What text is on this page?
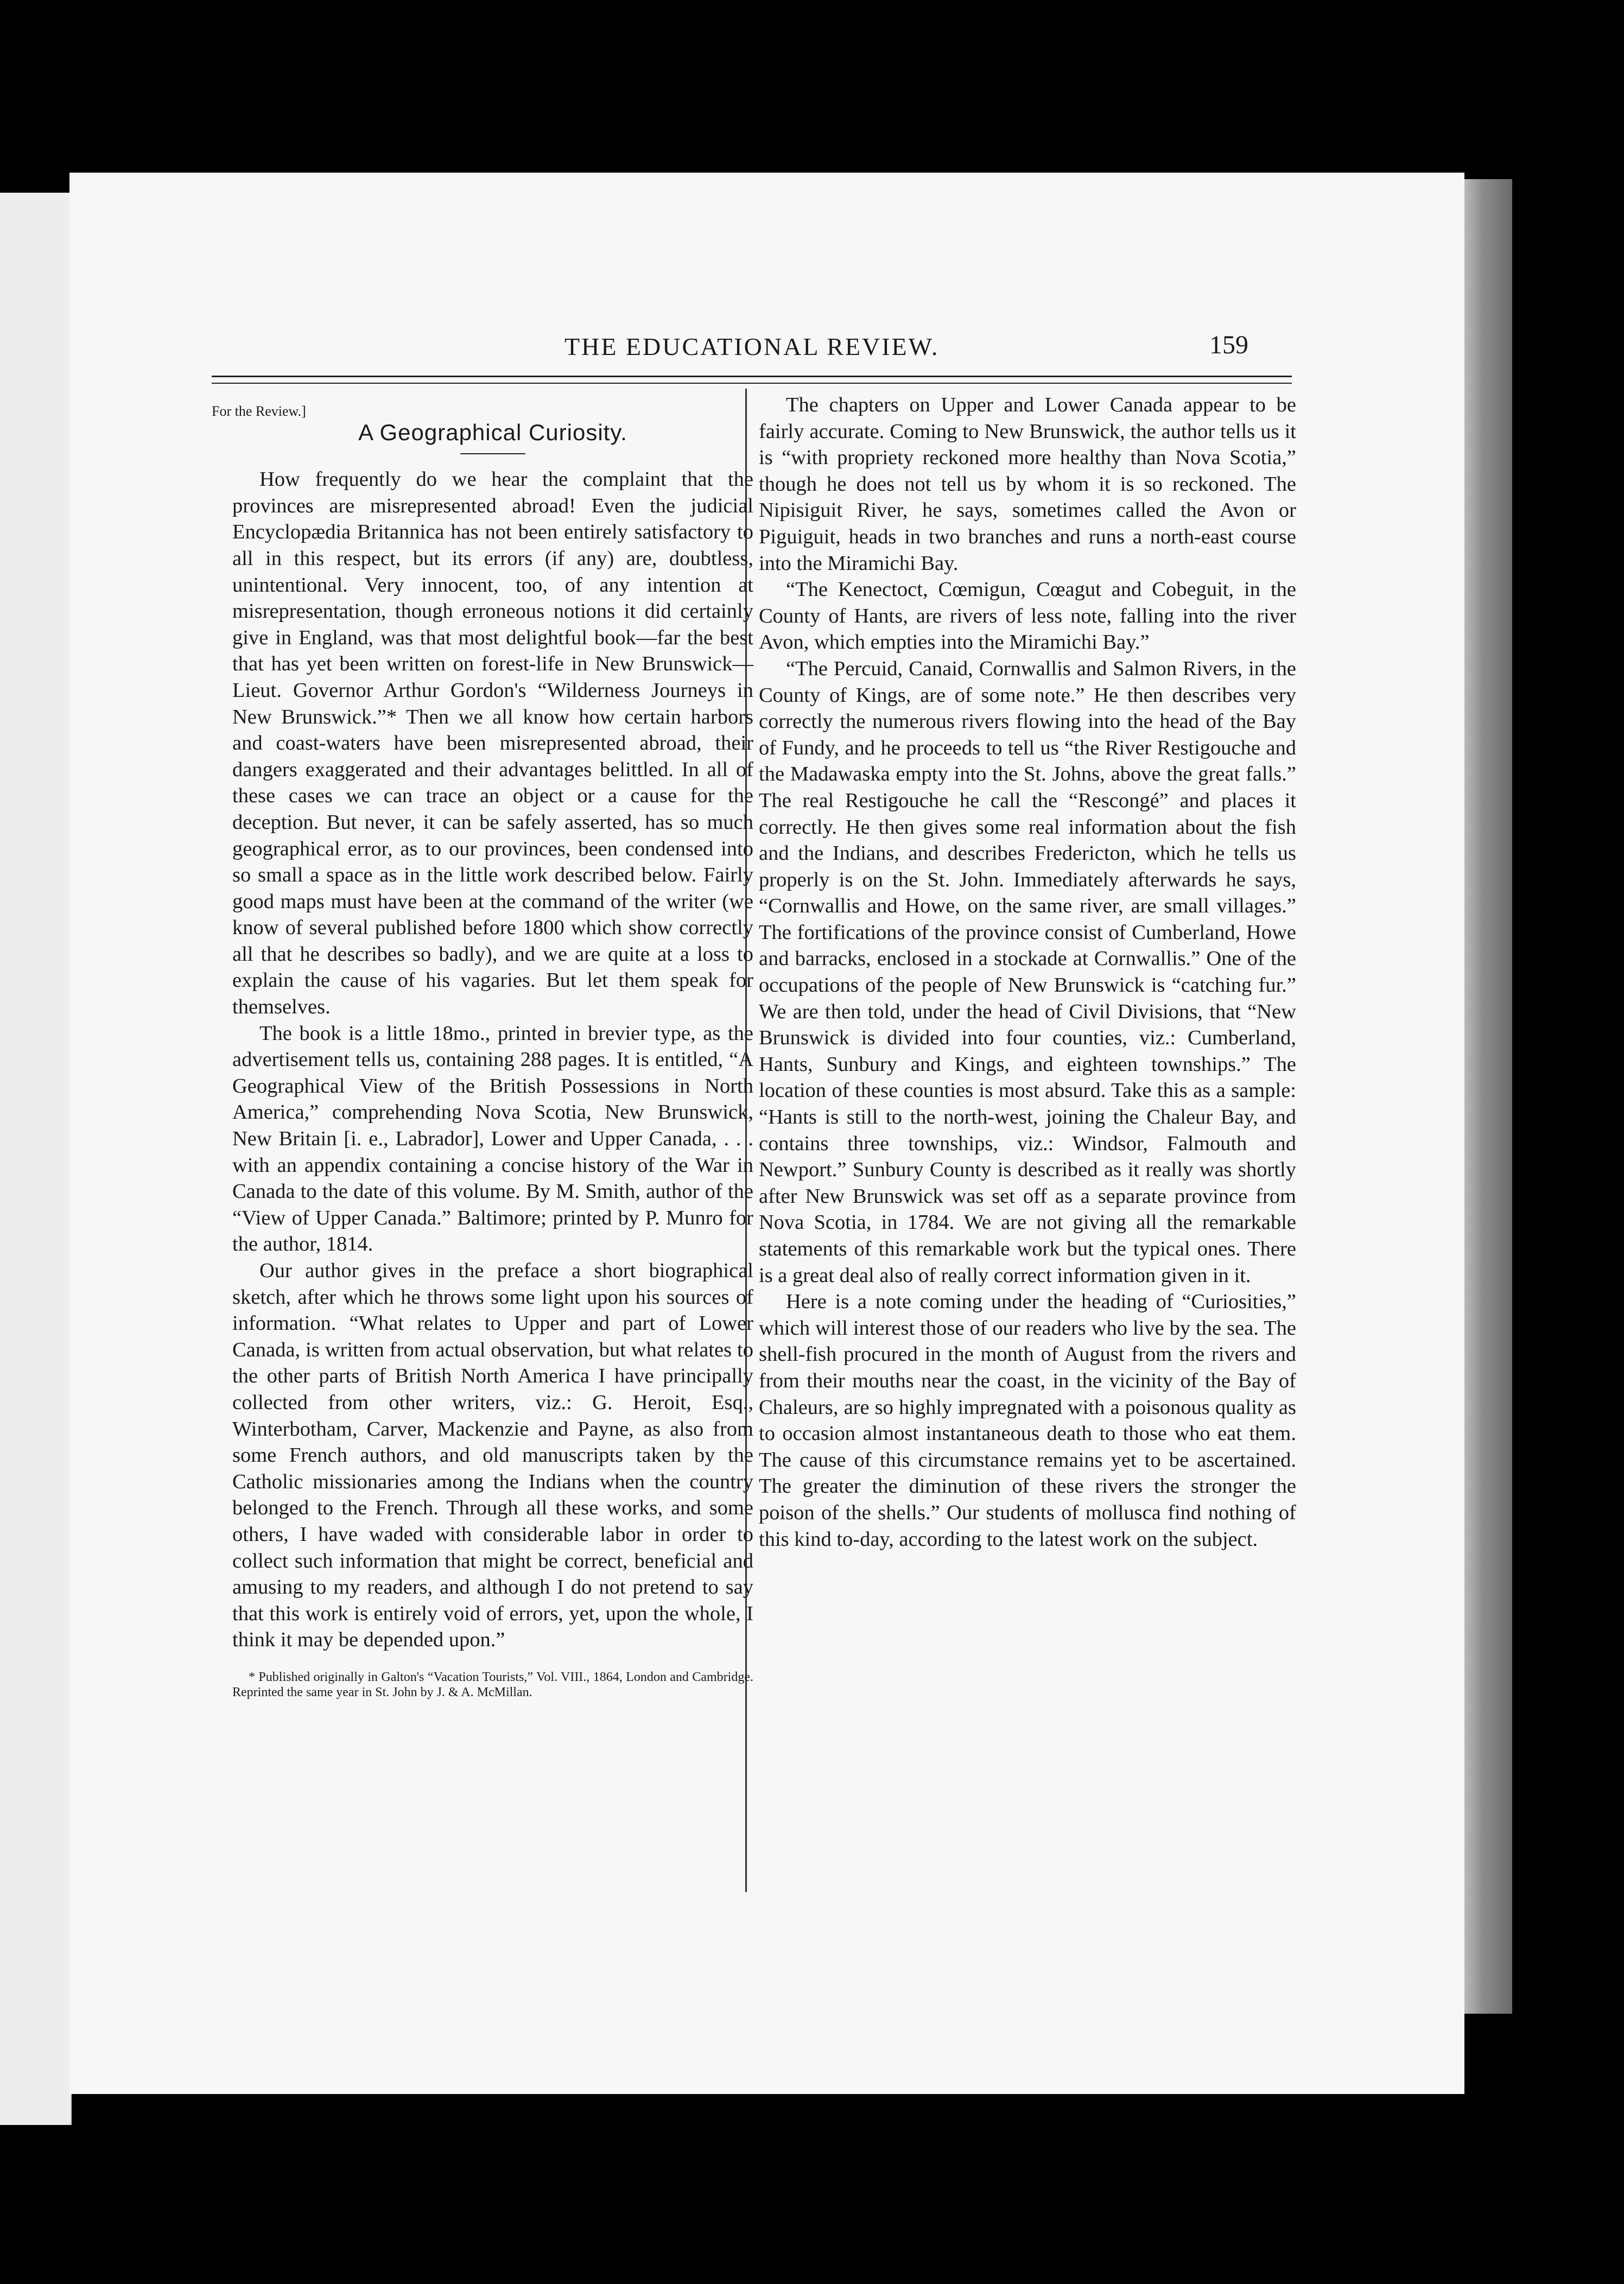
THE EDUCATIONAL REVIEW.	159
For the Review.]
A Geographical Curiosity.

How frequently do we hear the complaint that the provinces are misrepresented abroad! Even the judicial Encyclopædia Britannica has not been entirely satisfactory to all in this respect, but its errors (if any) are, doubtless, unintentional. Very innocent, too, of any intention at misrepresentation, though erroneous notions it did certainly give in England, was that most delightful book—far the best that has yet been written on forest-life in New Brunswick—Lieut. Governor Arthur Gordon's “Wilderness Journeys in New Brunswick.”* Then we all know how certain harbors and coast-waters have been misrepresented abroad, their dangers exaggerated and their advantages belittled. In all of these cases we can trace an object or a cause for the deception. But never, it can be safely asserted, has so much geographical error, as to our provinces, been condensed into so small a space as in the little work described below. Fairly good maps must have been at the command of the writer (we know of several published before 1800 which show correctly all that he describes so badly), and we are quite at a loss to explain the cause of his vagaries. But let them speak for themselves.

The book is a little 18mo., printed in brevier type, as the advertisement tells us, containing 288 pages. It is entitled, “A Geographical View of the British Possessions in North America,” comprehending Nova Scotia, New Brunswick, New Britain [i. e., Labrador], Lower and Upper Canada, . . . with an appendix containing a concise history of the War in Canada to the date of this volume. By M. Smith, author of the “View of Upper Canada.” Baltimore; printed by P. Munro for the author, 1814.

Our author gives in the preface a short biographical sketch, after which he throws some light upon his sources of information. “What relates to Upper and part of Lower Canada, is written from actual observation, but what relates to the other parts of British North America I have principally collected from other writers, viz.: G. Heroit, Esq., Winterbotham, Carver, Mackenzie and Payne, as also from some French authors, and old manuscripts taken by the Catholic missionaries among the Indians when the country belonged to the French. Through all these works, and some others, I have waded with considerable labor in order to collect such information that might be correct, beneficial and amusing to my readers, and although I do not pretend to say that this work is entirely void of errors, yet, upon the whole, I think it may be depended upon.”

* Published originally in Galton's “Vacation Tourists,” Vol. VIII., 1864, London and Cambridge. Reprinted the same year in St. John by J. & A. McMillan.

The chapters on Upper and Lower Canada appear to be fairly accurate. Coming to New Brunswick, the author tells us it is “with propriety reckoned more healthy than Nova Scotia,” though he does not tell us by whom it is so reckoned. The Nipisiguit River, he says, sometimes called the Avon or Piguiguit, heads in two branches and runs a north-east course into the Miramichi Bay.

“The Kenectoct, Cœmigun, Cœagut and Cobeguit, in the County of Hants, are rivers of less note, falling into the river Avon, which empties into the Miramichi Bay.”

“The Percuid, Canaid, Cornwallis and Salmon Rivers, in the County of Kings, are of some note.” He then describes very correctly the numerous rivers flowing into the head of the Bay of Fundy, and he proceeds to tell us “the River Restigouche and the Madawaska empty into the St. Johns, above the great falls.” The real Restigouche he call the “Rescongé” and places it correctly. He then gives some real information about the fish and the Indians, and describes Fredericton, which he tells us properly is on the St. John. Immediately afterwards he says, “Cornwallis and Howe, on the same river, are small villages.” The fortifications of the province consist of Cumberland, Howe and barracks, enclosed in a stockade at Cornwallis.” One of the occupations of the people of New Brunswick is “catching fur.” We are then told, under the head of Civil Divisions, that “New Brunswick is divided into four counties, viz.: Cumberland, Hants, Sunbury and Kings, and eighteen townships.” The location of these counties is most absurd. Take this as a sample: “Hants is still to the north-west, joining the Chaleur Bay, and contains three townships, viz.: Windsor, Falmouth and Newport.” Sunbury County is described as it really was shortly after New Brunswick was set off as a separate province from Nova Scotia, in 1784. We are not giving all the remarkable statements of this remarkable work but the typical ones. There is a great deal also of really correct information given in it.

Here is a note coming under the heading of “Curiosities,” which will interest those of our readers who live by the sea. The shell-fish procured in the month of August from the rivers and from their mouths near the coast, in the vicinity of the Bay of Chaleurs, are so highly impregnated with a poisonous quality as to occasion almost instantaneous death to those who eat them. The cause of this circumstance remains yet to be ascertained. The greater the diminution of these rivers the stronger the poison of the shells.” Our students of mollusca find nothing of this kind to-day, according to the latest work on the subject.
